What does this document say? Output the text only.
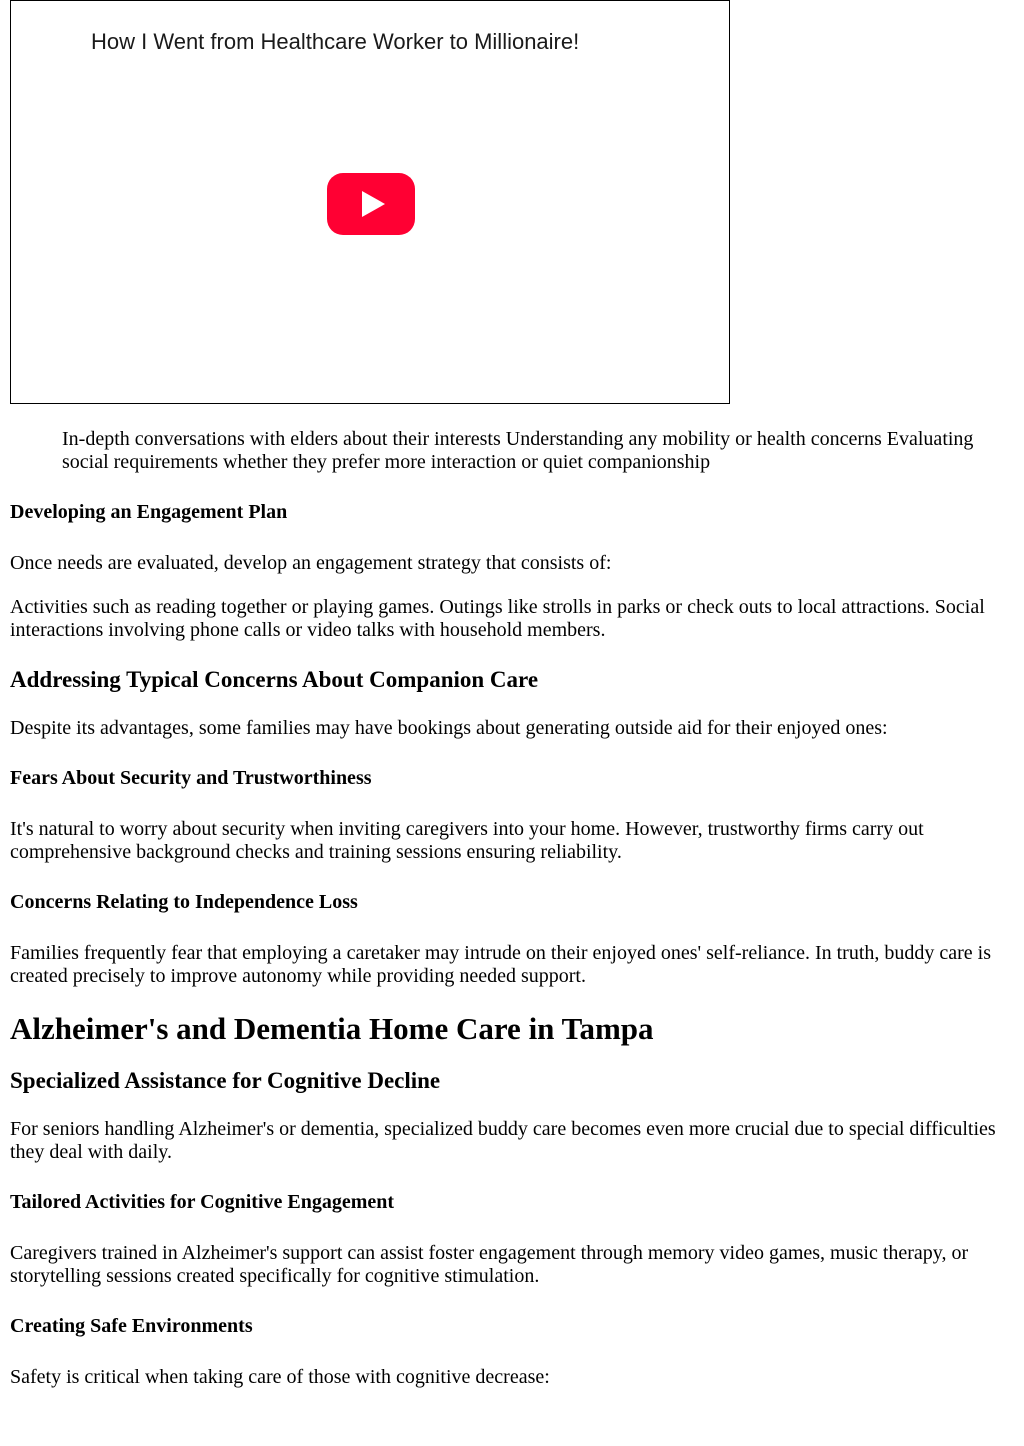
How I Went from Healthcare Worker to Millionaire!

In-depth conversations with elders about their interests Understanding any mobility or health concerns Evaluating social requirements whether they prefer more interaction or quiet companionship

Developing an Engagement Plan

Once needs are evaluated, develop an engagement strategy that consists of:

Activities such as reading together or playing games. Outings like strolls in parks or check outs to local attractions. Social interactions involving phone calls or video talks with household members.

Addressing Typical Concerns About Companion Care

Despite its advantages, some families may have bookings about generating outside aid for their enjoyed ones:

Fears About Security and Trustworthiness

It's natural to worry about security when inviting caregivers into your home. However, trustworthy firms carry out comprehensive background checks and training sessions ensuring reliability.

Concerns Relating to Independence Loss

Families frequently fear that employing a caretaker may intrude on their enjoyed ones' self-reliance. In truth, buddy care is created precisely to improve autonomy while providing needed support.

Alzheimer's and Dementia Home Care in Tampa
Specialized Assistance for Cognitive Decline

For seniors handling Alzheimer's or dementia, specialized buddy care becomes even more crucial due to special difficulties they deal with daily.

Tailored Activities for Cognitive Engagement

Caregivers trained in Alzheimer's support can assist foster engagement through memory video games, music therapy, or storytelling sessions created specifically for cognitive stimulation.

Creating Safe Environments

Safety is critical when taking care of those with cognitive decrease:
